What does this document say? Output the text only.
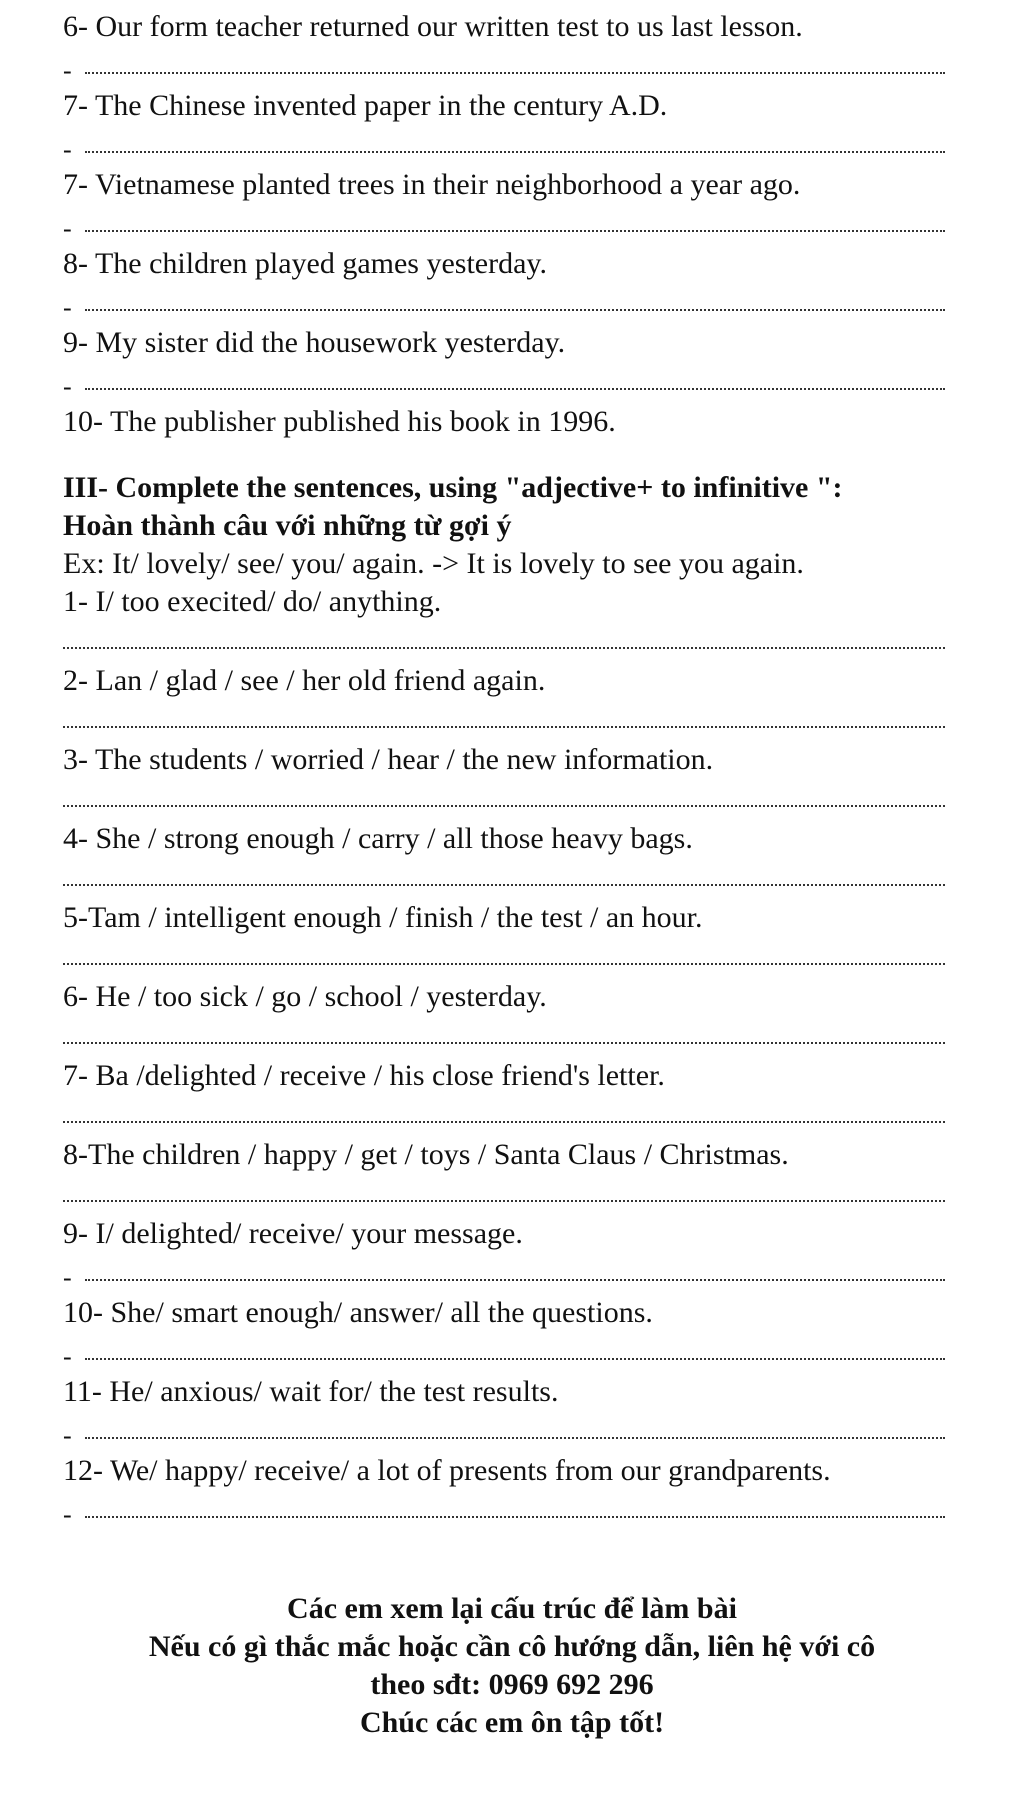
6- Our form teacher returned our written test to us last lesson.
-
7- The Chinese invented paper in the century A.D.
-
7- Vietnamese planted trees in their neighborhood a year ago.
-
8- The children played games yesterday.
-
9- My sister did the housework yesterday.
-
10- The publisher published his book in 1996.
III- Complete the sentences, using "adjective+ to infinitive ":
Hoàn thành câu với những từ gợi ý
Ex: It/ lovely/ see/ you/ again. -> It is lovely to see you again.
1- I/ too execited/ do/ anything.
2- Lan / glad / see / her old friend again.
3- The students / worried / hear / the new information.
4- She / strong enough / carry / all those heavy bags.
5-Tam / intelligent enough / finish / the test / an hour.
6- He / too sick / go / school / yesterday.
7- Ba /delighted / receive / his close friend's letter.
8-The children / happy / get / toys / Santa Claus / Christmas.
9- I/ delighted/ receive/ your message.
-
10- She/ smart enough/ answer/ all the questions.
-
11- He/ anxious/ wait for/ the test results.
-
12- We/ happy/ receive/ a lot of presents from our grandparents.
-
Các em xem lại cấu trúc để làm bài
Nếu có gì thắc mắc hoặc cần cô hướng dẫn, liên hệ với cô
theo sđt: 0969 692 296
Chúc các em ôn tập tốt!
